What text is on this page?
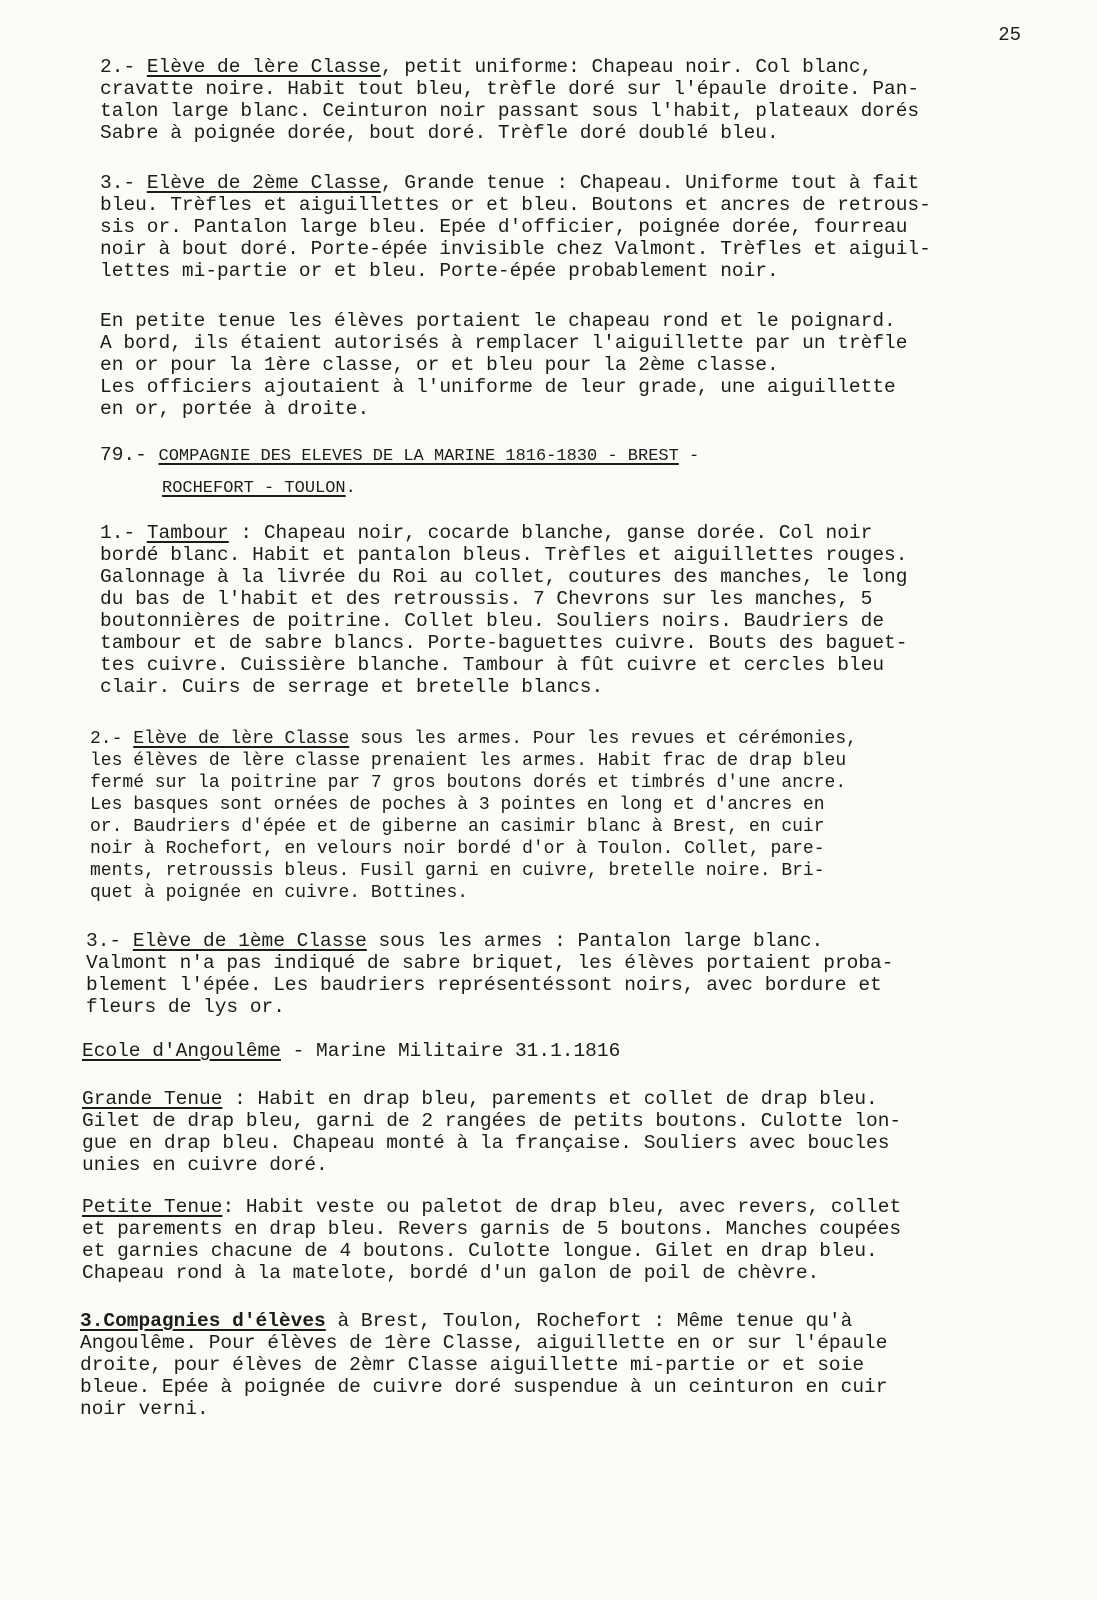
25
2.- Elève de lère Classe, petit uniforme: Chapeau noir. Col blanc,
cravatte noire. Habit tout bleu, trèfle doré sur l'épaule droite. Pan-
talon large blanc. Ceinturon noir passant sous l'habit, plateaux dorés
Sabre à poignée dorée, bout doré. Trèfle doré doublé bleu.
3.- Elève de 2ème Classe, Grande tenue : Chapeau. Uniforme tout à fait
bleu. Trèfles et aiguillettes or et bleu. Boutons et ancres de retrous-
sis or. Pantalon large bleu. Epée d'officier, poignée dorée, fourreau
noir à bout doré. Porte-épée invisible chez Valmont. Trèfles et aiguil-
lettes mi-partie or et bleu. Porte-épée probablement noir.
En petite tenue les élèves portaient le chapeau rond et le poignard.
A bord, ils étaient autorisés à remplacer l'aiguillette par un trèfle
en or pour la 1ère classe, or et bleu pour la 2ème classe.
Les officiers ajoutaient à l'uniforme de leur grade, une aiguillette
en or, portée à droite.
79.- COMPAGNIE DES ELEVES DE LA MARINE 1816-1830 - BREST -
ROCHEFORT - TOULON.
1.- Tambour : Chapeau noir, cocarde blanche, ganse dorée. Col noir
bordé blanc. Habit et pantalon bleus. Trèfles et aiguillettes rouges.
Galonnage à la livrée du Roi au collet, coutures des manches, le long
du bas de l'habit et des retroussis. 7 Chevrons sur les manches, 5
boutonnières de poitrine. Collet bleu. Souliers noirs. Baudriers de
tambour et de sabre blancs. Porte-baguettes cuivre. Bouts des baguet-
tes cuivre. Cuissière blanche. Tambour à fût cuivre et cercles bleu
clair. Cuirs de serrage et bretelle blancs.
2.- Elève de lère Classe sous les armes. Pour les revues et cérémonies,
les élèves de lère classe prenaient les armes. Habit frac de drap bleu
fermé sur la poitrine par 7 gros boutons dorés et timbrés d'une ancre.
Les basques sont ornées de poches à 3 pointes en long et d'ancres en
or. Baudriers d'épée et de giberne an casimir blanc à Brest, en cuir
noir à Rochefort, en velours noir bordé d'or à Toulon. Collet, pare-
ments, retroussis bleus. Fusil garni en cuivre, bretelle noire. Bri-
quet à poignée en cuivre. Bottines.
3.- Elève de 1ème Classe sous les armes : Pantalon large blanc.
Valmont n'a pas indiqué de sabre briquet, les élèves portaient proba-
blement l'épée. Les baudriers représentéssont noirs, avec bordure et
fleurs de lys or.
Ecole d'Angoulême - Marine Militaire 31.1.1816
Grande Tenue : Habit en drap bleu, parements et collet de drap bleu.
Gilet de drap bleu, garni de 2 rangées de petits boutons. Culotte lon-
gue en drap bleu. Chapeau monté à la française. Souliers avec boucles
unies en cuivre doré.
Petite Tenue: Habit veste ou paletot de drap bleu, avec revers, collet
et parements en drap bleu. Revers garnis de 5 boutons. Manches coupées
et garnies chacune de 4 boutons. Culotte longue. Gilet en drap bleu.
Chapeau rond à la matelote, bordé d'un galon de poil de chèvre.
3.Compagnies d'élèves à Brest, Toulon, Rochefort : Même tenue qu'à
Angoulême. Pour élèves de 1ère Classe, aiguillette en or sur l'épaule
droite, pour élèves de 2èmr Classe aiguillette mi-partie or et soie
bleue. Epée à poignée de cuivre doré suspendue à un ceinturon en cuir
noir verni.
